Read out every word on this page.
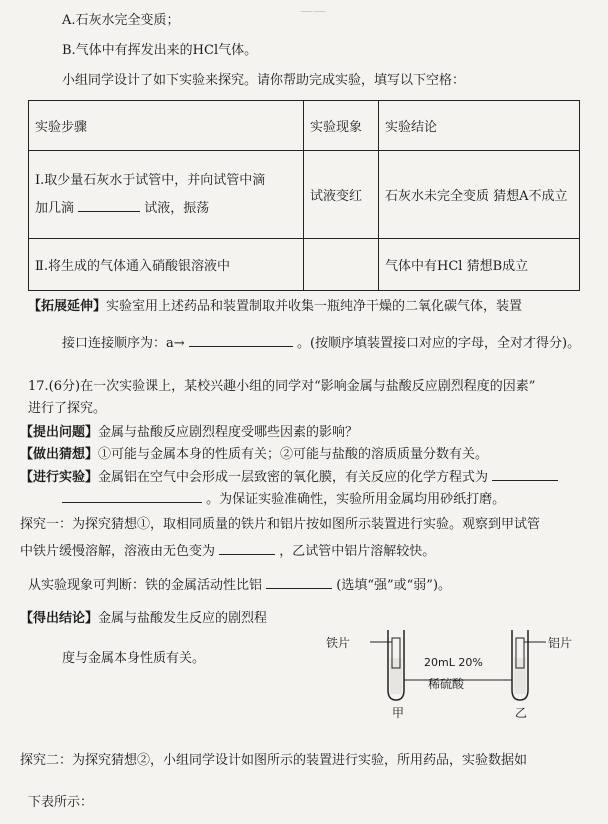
——
A.石灰水完全变质；
B.气体中有挥发出来的HCl气体。
小组同学设计了如下实验来探究。请你帮助完成实验，填写以下空格：
实验步骤	实验现象	实验结论
Ⅰ.取少量石灰水于试管中，并向试管中滴
加几滴 试液，振荡	试液变红	石灰水未完全变质 猜想A不成立
Ⅱ.将生成的气体通入硝酸银溶液中		气体中有HCl 猜想B成立
【拓展延伸】实验室用上述药品和装置制取并收集一瓶纯净干燥的二氧化碳气体，装置
接口连接顺序为：a→	。(按顺序填装置接口对应的字母，全对才得分)。
17.(6分)在一次实验课上，某校兴趣小组的同学对“影响金属与盐酸反应剧烈程度的因素”
进行了探究。
【提出问题】金属与盐酸反应剧烈程度受哪些因素的影响？
【做出猜想】①可能与金属本身的性质有关；②可能与盐酸的溶质质量分数有关。
【进行实验】金属铝在空气中会形成一层致密的氧化膜，有关反应的化学方程式为
。为保证实验准确性，实验所用金属均用砂纸打磨。
探究一：为探究猜想①，取相同质量的铁片和铝片按如图所示装置进行实验。观察到甲试管
中铁片缓慢溶解，溶液由无色变为	，乙试管中铝片溶解较快。
从实验现象可判断：铁的金属活动性比铝	(选填“强”或“弱”)。
【得出结论】金属与盐酸发生反应的剧烈程
度与金属本身性质有关。
铁片	铝片
20mL 20%
稀硫酸
甲	乙
探究二：为探究猜想②，小组同学设计如图所示的装置进行实验，所用药品，实验数据如
下表所示：
